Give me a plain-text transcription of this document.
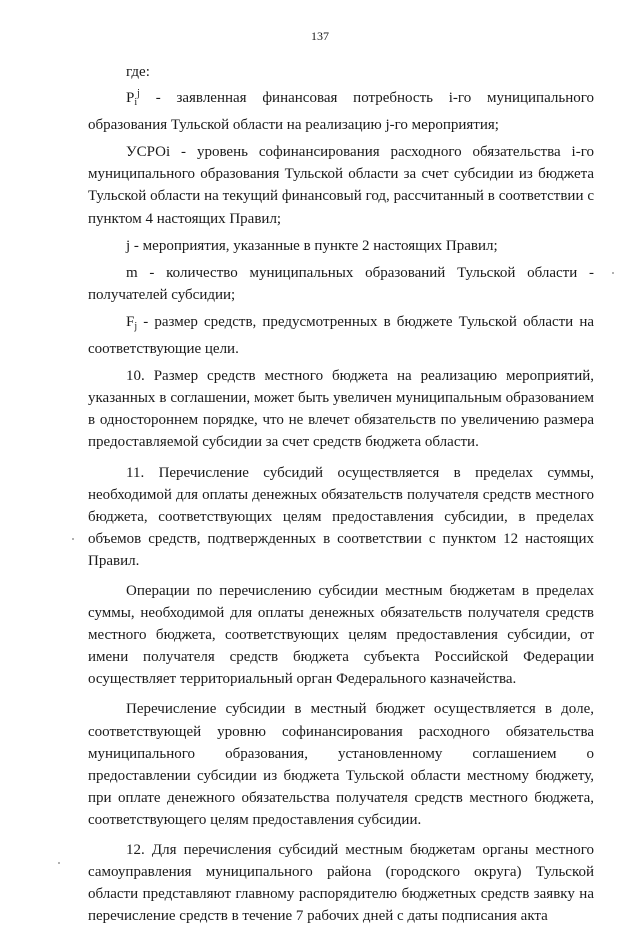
137

где:

$P_i^j$ - заявленная финансовая потребность i-го муниципального образования Тульской области на реализацию j-го мероприятия;

УСРОi - уровень софинансирования расходного обязательства i-го муниципального образования Тульской области за счет субсидии из бюджета Тульской области на текущий финансовый год, рассчитанный в соответствии с пунктом 4 настоящих Правил;

j - мероприятия, указанные в пункте 2 настоящих Правил;

m - количество муниципальных образований Тульской области - получателей субсидии;

$F_j$ - размер средств, предусмотренных в бюджете Тульской области на соответствующие цели.

10. Размер средств местного бюджета на реализацию мероприятий, указанных в соглашении, может быть увеличен муниципальным образованием в одностороннем порядке, что не влечет обязательств по увеличению размера предоставляемой субсидии за счет средств бюджета области.

11. Перечисление субсидий осуществляется в пределах суммы, необходимой для оплаты денежных обязательств получателя средств местного бюджета, соответствующих целям предоставления субсидии, в пределах объемов средств, подтвержденных в соответствии с пунктом 12 настоящих Правил.

Операции по перечислению субсидии местным бюджетам в пределах суммы, необходимой для оплаты денежных обязательств получателя средств местного бюджета, соответствующих целям предоставления субсидии, от имени получателя средств бюджета субъекта Российской Федерации осуществляет территориальный орган Федерального казначейства.

Перечисление субсидии в местный бюджет осуществляется в доле, соответствующей уровню софинансирования расходного обязательства муниципального образования, установленному соглашением о предоставлении субсидии из бюджета Тульской области местному бюджету, при оплате денежного обязательства получателя средств местного бюджета, соответствующего целям предоставления субсидии.

12. Для перечисления субсидий местным бюджетам органы местного самоуправления муниципального района (городского округа) Тульской области представляют главному распорядителю бюджетных средств заявку на перечисление средств в течение 7 рабочих дней с даты подписания акта
